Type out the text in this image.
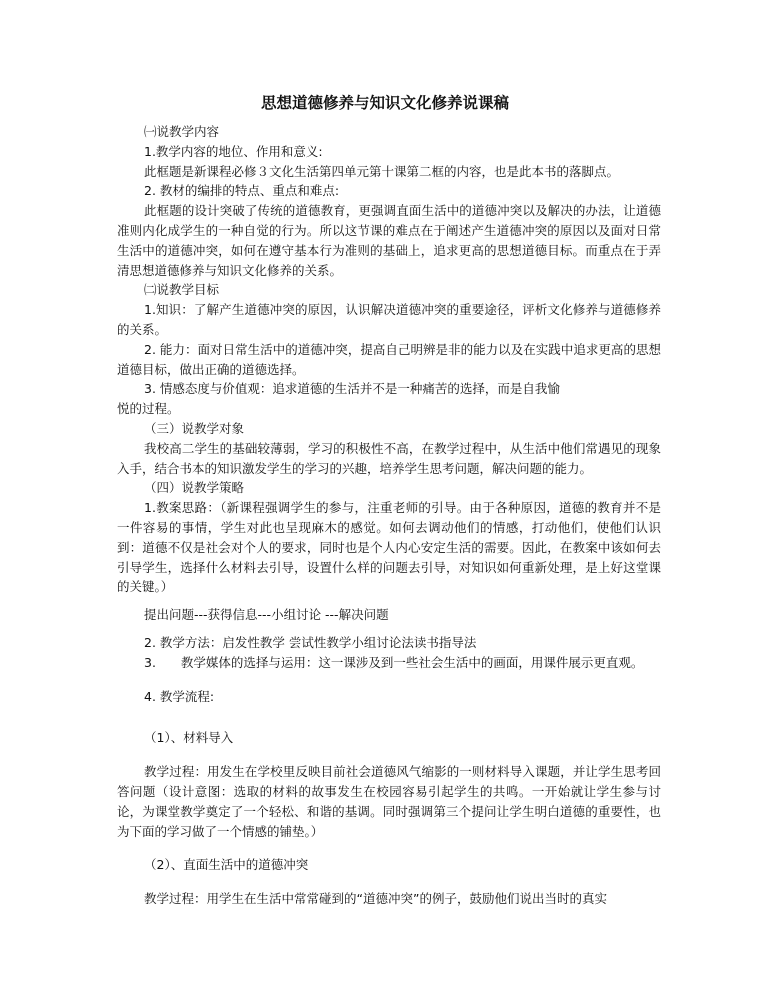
思想道德修养与知识文化修养说课稿

㈠说教学内容

1.教学内容的地位、作用和意义:

此框题是新课程必修３文化生活第四单元第十课第二框的内容，也是此本书的落脚点。

2. 教材的编排的特点、重点和难点:

此框题的设计突破了传统的道德教育，更强调直面生活中的道德冲突以及解决的办法，让道德准则内化成学生的一种自觉的行为。所以这节课的难点在于阐述产生道德冲突的原因以及面对日常生活中的道德冲突，如何在遵守基本行为准则的基础上，追求更高的思想道德目标。而重点在于弄清思想道德修养与知识文化修养的关系。

㈡说教学目标

1.知识：了解产生道德冲突的原因，认识解决道德冲突的重要途径，评析文化修养与道德修养的关系。

2. 能力：面对日常生活中的道德冲突，提高自己明辨是非的能力以及在实践中追求更高的思想道德目标，做出正确的道德选择。

3. 情感态度与价值观：追求道德的生活并不是一种痛苦的选择，而是自我愉
悦的过程。

（三）说教学对象

我校高二学生的基础较薄弱，学习的积极性不高，在教学过程中，从生活中他们常遇见的现象入手，结合书本的知识激发学生的学习的兴趣，培养学生思考问题，解决问题的能力。

（四）说教学策略

1.教案思路：（新课程强调学生的参与，注重老师的引导。由于各种原因，道德的教育并不是一件容易的事情，学生对此也呈现麻木的感觉。如何去调动他们的情感，打动他们，使他们认识到：道德不仅是社会对个人的要求，同时也是个人内心安定生活的需要。因此，在教案中该如何去引导学生，选择什么材料去引导，设置什么样的问题去引导，对知识如何重新处理，是上好这堂课的关键。）

提出问题---获得信息---小组讨论 ---解决问题

2. 教学方法：启发性教学 尝试性教学小组讨论法读书指导法

3.　　教学媒体的选择与运用：这一课涉及到一些社会生活中的画面，用课件展示更直观。

4. 教学流程:

（1）、材料导入

教学过程：用发生在学校里反映目前社会道德风气缩影的一则材料导入课题，并让学生思考回答问题（设计意图：选取的材料的故事发生在校园容易引起学生的共鸣。一开始就让学生参与讨论，为课堂教学奠定了一个轻松、和谐的基调。同时强调第三个提问让学生明白道德的重要性，也为下面的学习做了一个情感的铺垫。）

（2）、直面生活中的道德冲突

教学过程：用学生在生活中常常碰到的“道德冲突”的例子，鼓励他们说出当时的真实
